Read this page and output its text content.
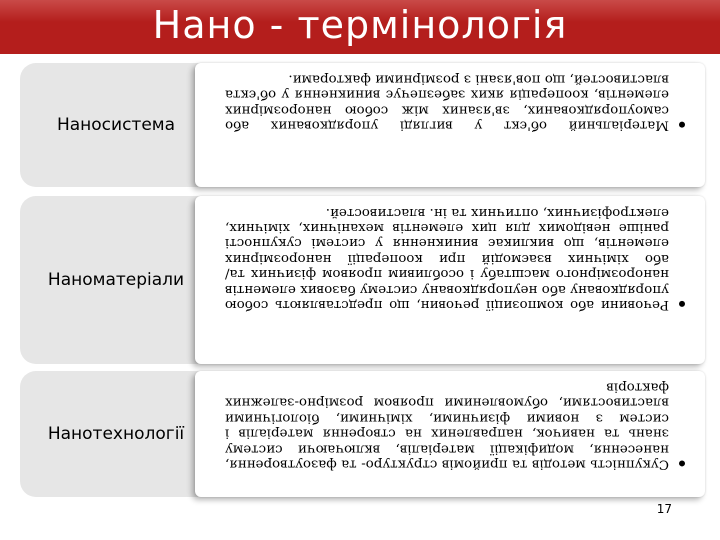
Нано - термінологія
Наносистема	Матеріальний об'єкт у вигляді упорядкованих або самоупорядкованих, зв'язаних між собою нанорозмірних елементів, кооперація яких забезпечує виникнення у об'єкта властивостей, що пов'язані з розмірними факторами.

Наноматеріали

Речовини або композиції речовин, що представляють собою упорядковану або неупорядковану систему базових елементів нанорозмірного масштабу і особливим проявом фізичних та/або хімічних взаємодій при кооперації нанорозмірних елементів, що викликає виникнення у системі сукупності раніше невідомих для цих елементів механічних, хімічних, електрофізичних, оптичних та ін. властивостей.

Нанотехнології

Сукупність методів та прийомів структуро- та фазоутворення, нанесення, модифікації матеріалів, включаючи систему знань та навичок, направлених на створення матеріалів і систем з новими фізичними, хімічними, біологічними властивостями, обумовленими проявом розмірно-залежних факторів

17
